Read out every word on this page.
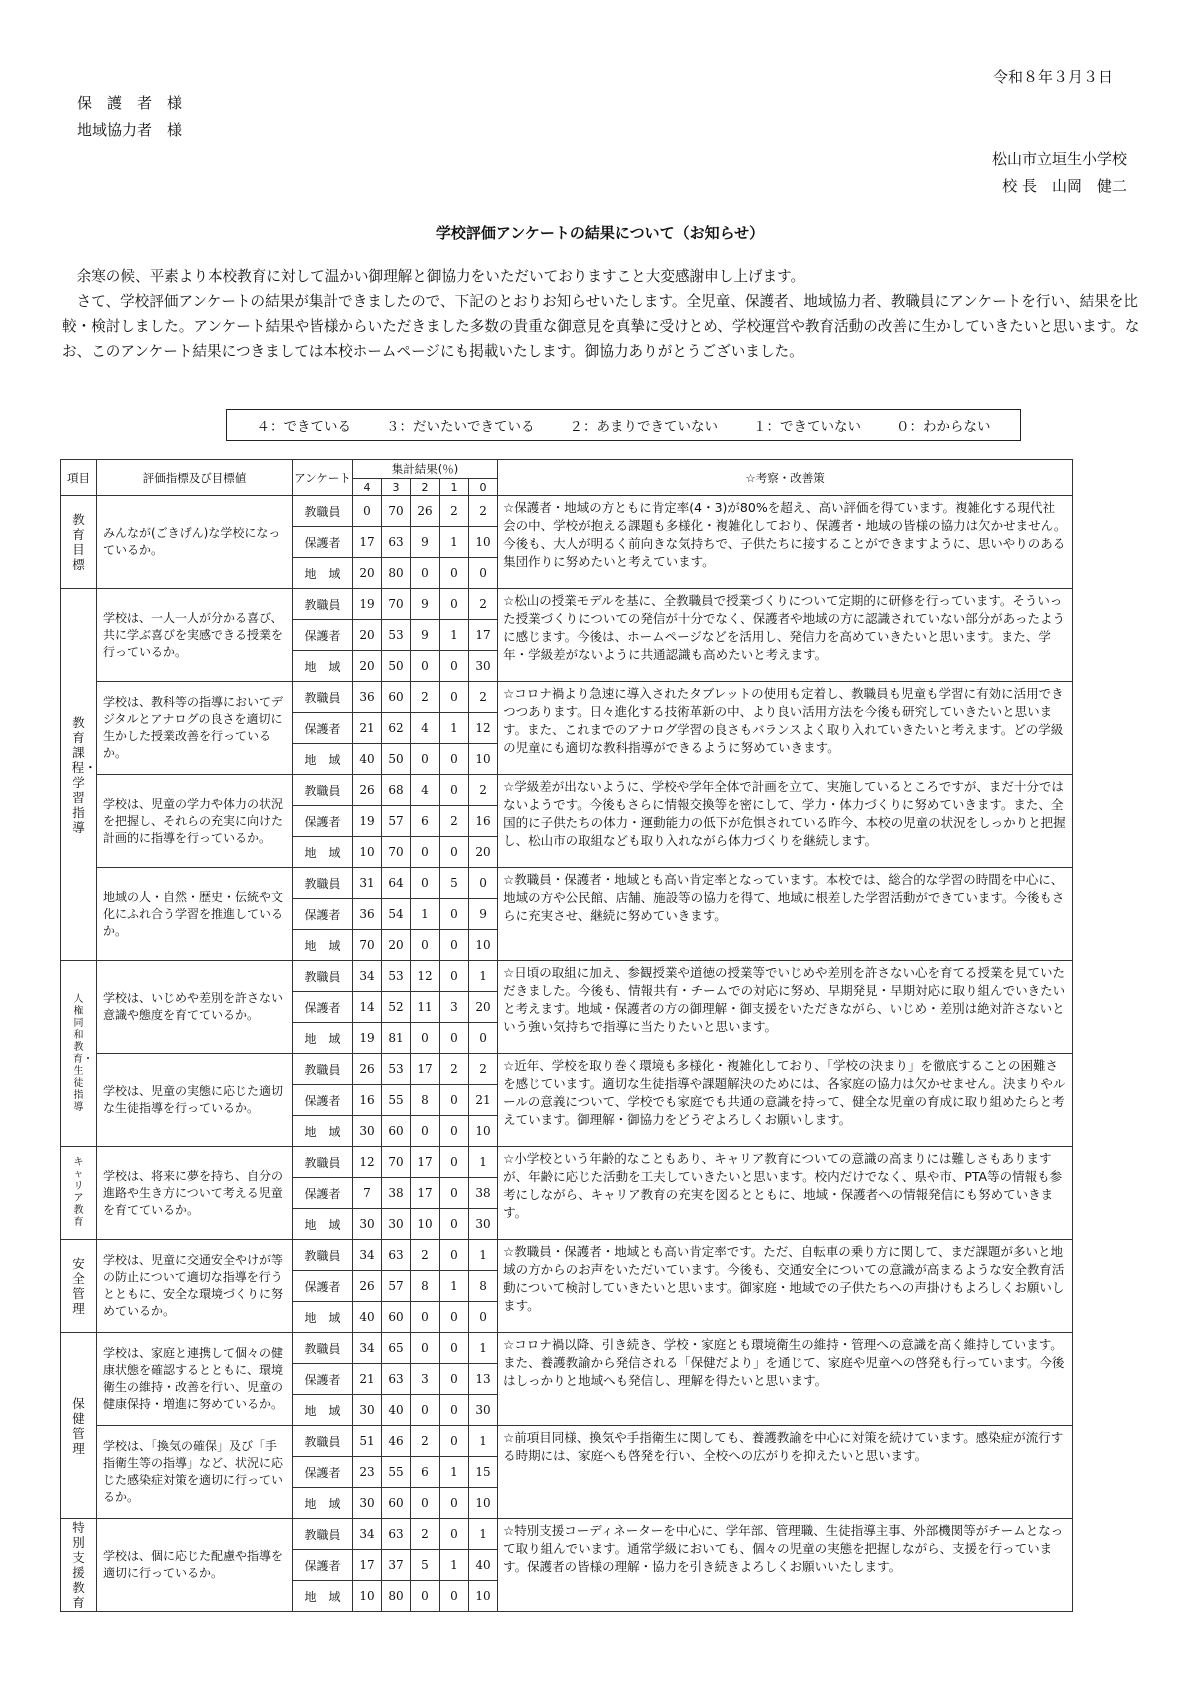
令和８年３月３日
保　護　者　様
地域協力者　様
松山市立垣生小学校
校 長　山岡　健二
学校評価アンケートの結果について（お知らせ）

余寒の候、平素より本校教育に対して温かい御理解と御協力をいただいておりますこと大変感謝申し上げます。

さて、学校評価アンケートの結果が集計できましたので、下記のとおりお知らせいたします。全児童、保護者、地域協力者、教職員にアンケートを行い、結果を比較・検討しました。アンケート結果や皆様からいただきました多数の貴重な御意見を真摯に受けとめ、学校運営や教育活動の改善に生かしていきたいと思います。なお、このアンケート結果につきましては本校ホームページにも掲載いたします。御協力ありがとうございました。

４：できている	３：だいたいできている	２：あまりできていない	１：できていない	０：わからない
項目	評価指標及び目標値	アンケート	集計結果(％)					☆考察・改善策
			4	3	2	1	0	
教育目標	みんなが(ごきげん)な学校になっているか。	教職員	0	70	26	2	2	☆保護者・地域の方ともに肯定率(4・3)が80%を超え、高い評価を得ています。複雑化する現代社会の中、学校が抱える課題も多様化・複雑化しており、保護者・地域の皆様の協力は欠かせません。今後も、大人が明るく前向きな気持ちで、子供たちに接することができますように、思いやりのある集団作りに努めたいと考えています。
		保護者	17	63	9	1	10	
		地　域	20	80	0	0	0	
教育課程・学習指導	学校は、一人一人が分かる喜び、共に学ぶ喜びを実感できる授業を行っているか。	教職員	19	70	9	0	2	☆松山の授業モデルを基に、全教職員で授業づくりについて定期的に研修を行っています。そういった授業づくりについての発信が十分でなく、保護者や地域の方に認識されていない部分があったように感じます。今後は、ホームページなどを活用し、発信力を高めていきたいと思います。また、学年・学級差がないように共通認識も高めたいと考えます。
		保護者	20	53	9	1	17	
		地　域	20	50	0	0	30	
	学校は、教科等の指導においてデジタルとアナログの良さを適切に生かした授業改善を行っているか。	教職員	36	60	2	0	2	☆コロナ禍より急速に導入されたタブレットの使用も定着し、教職員も児童も学習に有効に活用できつつあります。日々進化する技術革新の中、より良い活用方法を今後も研究していきたいと思います。また、これまでのアナログ学習の良さもバランスよく取り入れていきたいと考えます。どの学級の児童にも適切な教科指導ができるように努めていきます。
		保護者	21	62	4	1	12	
		地　域	40	50	0	0	10	
	学校は、児童の学力や体力の状況を把握し、それらの充実に向けた計画的に指導を行っているか。	教職員	26	68	4	0	2	☆学級差が出ないように、学校や学年全体で計画を立て、実施しているところですが、まだ十分ではないようです。今後もさらに情報交換等を密にして、学力・体力づくりに努めていきます。また、全国的に子供たちの体力・運動能力の低下が危惧されている昨今、本校の児童の状況をしっかりと把握し、松山市の取組なども取り入れながら体力づくりを継続します。
		保護者	19	57	6	2	16	
		地　域	10	70	0	0	20	
	地域の人・自然・歴史・伝統や文化にふれ合う学習を推進しているか。	教職員	31	64	0	5	0	☆教職員・保護者・地域とも高い肯定率となっています。本校では、総合的な学習の時間を中心に、地域の方や公民館、店舗、施設等の協力を得て、地域に根差した学習活動ができています。今後もさらに充実させ、継続に努めていきます。
		保護者	36	54	1	0	9	
		地　域	70	20	0	0	10	
人権同和教育・生徒指導	学校は、いじめや差別を許さない意識や態度を育てているか。	教職員	34	53	12	0	1	☆日頃の取組に加え、参観授業や道徳の授業等でいじめや差別を許さない心を育てる授業を見ていただきました。今後も、情報共有・チームでの対応に努め、早期発見・早期対応に取り組んでいきたいと考えます。地域・保護者の方の御理解・御支援をいただきながら、いじめ・差別は絶対許さないという強い気持ちで指導に当たりたいと思います。
		保護者	14	52	11	3	20	
		地　域	19	81	0	0	0	
	学校は、児童の実態に応じた適切な生徒指導を行っているか。	教職員	26	53	17	2	2	☆近年、学校を取り巻く環境も多様化・複雑化しており、「学校の決まり」を徹底することの困難さを感じています。適切な生徒指導や課題解決のためには、各家庭の協力は欠かせません。決まりやルールの意義について、学校でも家庭でも共通の意識を持って、健全な児童の育成に取り組めたらと考えています。御理解・御協力をどうぞよろしくお願いします。
		保護者	16	55	8	0	21	
		地　域	30	60	0	0	10	
キャリア教育	学校は、将来に夢を持ち、自分の進路や生き方について考える児童を育てているか。	教職員	12	70	17	0	1	☆小学校という年齢的なこともあり、キャリア教育についての意識の高まりには難しさもありますが、年齢に応じた活動を工夫していきたいと思います。校内だけでなく、県や市、PTA等の情報も参考にしながら、キャリア教育の充実を図るとともに、地域・保護者への情報発信にも努めていきます。
		保護者	7	38	17	0	38	
		地　域	30	30	10	0	30	
安全管理	学校は、児童に交通安全やけが等の防止について適切な指導を行うとともに、安全な環境づくりに努めているか。	教職員	34	63	2	0	1	☆教職員・保護者・地域とも高い肯定率です。ただ、自転車の乗り方に関して、まだ課題が多いと地域の方からのお声をいただいています。今後も、交通安全についての意識が高まるような安全教育活動について検討していきたいと思います。御家庭・地域での子供たちへの声掛けもよろしくお願いします。
		保護者	26	57	8	1	8	
		地　域	40	60	0	0	0	
保健管理	学校は、家庭と連携して個々の健康状態を確認するとともに、環境衛生の維持・改善を行い、児童の健康保持・増進に努めているか。	教職員	34	65	0	0	1	☆コロナ禍以降、引き続き、学校・家庭とも環境衛生の維持・管理への意識を高く維持しています。また、養護教諭から発信される「保健だより」を通じて、家庭や児童への啓発も行っています。今後はしっかりと地域へも発信し、理解を得たいと思います。
		保護者	21	63	3	0	13	
		地　域	30	40	0	0	30	
	学校は、「換気の確保」及び「手指衛生等の指導」など、状況に応じた感染症対策を適切に行っているか。	教職員	51	46	2	0	1	☆前項目同様、換気や手指衛生に関しても、養護教諭を中心に対策を続けています。感染症が流行する時期には、家庭へも啓発を行い、全校への広がりを抑えたいと思います。
		保護者	23	55	6	1	15	
		地　域	30	60	0	0	10	
特別支援教育	学校は、個に応じた配慮や指導を適切に行っているか。	教職員	34	63	2	0	1	☆特別支援コーディネーターを中心に、学年部、管理職、生徒指導主事、外部機関等がチームとなって取り組んでいます。通常学級においても、個々の児童の実態を把握しながら、支援を行っています。保護者の皆様の理解・協力を引き続きよろしくお願いいたします。
		保護者	17	37	5	1	40	
		地　域	10	80	0	0	10	
